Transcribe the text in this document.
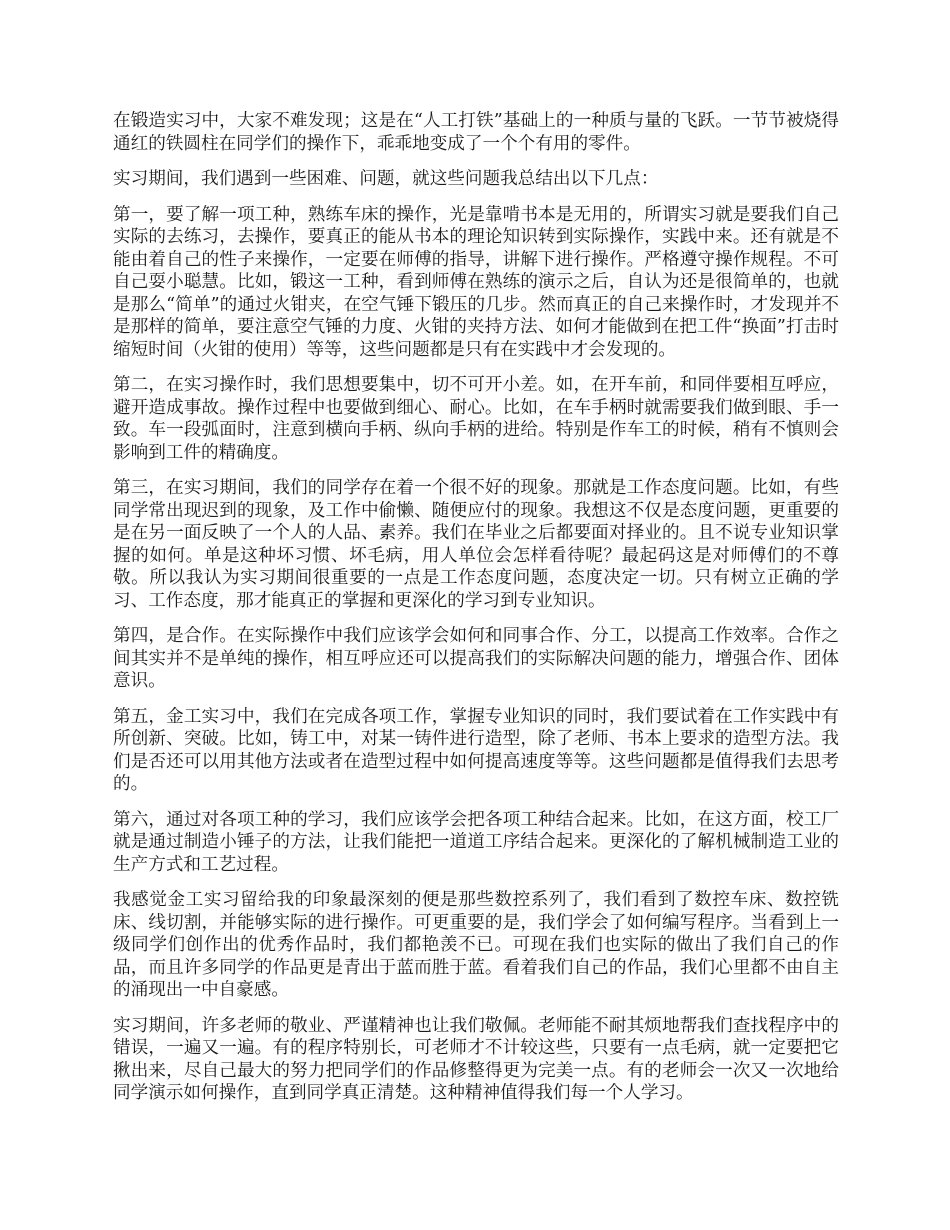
在锻造实习中，大家不难发现；这是在“人工打铁”基础上的一种质与量的飞跃。一节节被烧得通红的铁圆柱在同学们的操作下，乖乖地变成了一个个有用的零件。

实习期间，我们遇到一些困难、问题，就这些问题我总结出以下几点：

第一，要了解一项工种，熟练车床的操作，光是靠啃书本是无用的，所谓实习就是要我们自己实际的去练习，去操作，要真正的能从书本的理论知识转到实际操作，实践中来。还有就是不能由着自己的性子来操作，一定要在师傅的指导，讲解下进行操作。严格遵守操作规程。不可自己耍小聪慧。比如，锻这一工种，看到师傅在熟练的演示之后，自认为还是很简单的，也就是那么“简单”的通过火钳夹，在空气锤下锻压的几步。然而真正的自己来操作时，才发现并不是那样的简单，要注意空气锤的力度、火钳的夹持方法、如何才能做到在把工件“换面”打击时缩短时间（火钳的使用）等等，这些问题都是只有在实践中才会发现的。

第二，在实习操作时，我们思想要集中，切不可开小差。如，在开车前，和同伴要相互呼应，避开造成事故。操作过程中也要做到细心、耐心。比如，在车手柄时就需要我们做到眼、手一致。车一段弧面时，注意到横向手柄、纵向手柄的进给。特别是作车工的时候，稍有不慎则会影响到工件的精确度。

第三，在实习期间，我们的同学存在着一个很不好的现象。那就是工作态度问题。比如，有些同学常出现迟到的现象，及工作中偷懒、随便应付的现象。我想这不仅是态度问题，更重要的是在另一面反映了一个人的人品、素养。我们在毕业之后都要面对择业的。且不说专业知识掌握的如何。单是这种坏习惯、坏毛病，用人单位会怎样看待呢？最起码这是对师傅们的不尊敬。所以我认为实习期间很重要的一点是工作态度问题，态度决定一切。只有树立正确的学习、工作态度，那才能真正的掌握和更深化的学习到专业知识。

第四，是合作。在实际操作中我们应该学会如何和同事合作、分工，以提高工作效率。合作之间其实并不是单纯的操作，相互呼应还可以提高我们的实际解决问题的能力，增强合作、团体意识。

第五，金工实习中，我们在完成各项工作，掌握专业知识的同时，我们要试着在工作实践中有所创新、突破。比如，铸工中，对某一铸件进行造型，除了老师、书本上要求的造型方法。我们是否还可以用其他方法或者在造型过程中如何提高速度等等。这些问题都是值得我们去思考的。

第六，通过对各项工种的学习，我们应该学会把各项工种结合起来。比如，在这方面，校工厂就是通过制造小锤子的方法，让我们能把一道道工序结合起来。更深化的了解机械制造工业的生产方式和工艺过程。

我感觉金工实习留给我的印象最深刻的便是那些数控系列了，我们看到了数控车床、数控铣床、线切割，并能够实际的进行操作。可更重要的是，我们学会了如何编写程序。当看到上一级同学们创作出的优秀作品时，我们都艳羡不已。可现在我们也实际的做出了我们自己的作品，而且许多同学的作品更是青出于蓝而胜于蓝。看着我们自己的作品，我们心里都不由自主的涌现出一中自豪感。

实习期间，许多老师的敬业、严谨精神也让我们敬佩。老师能不耐其烦地帮我们查找程序中的错误，一遍又一遍。有的程序特别长，可老师才不计较这些，只要有一点毛病，就一定要把它揪出来，尽自己最大的努力把同学们的作品修整得更为完美一点。有的老师会一次又一次地给同学演示如何操作，直到同学真正清楚。这种精神值得我们每一个人学习。
